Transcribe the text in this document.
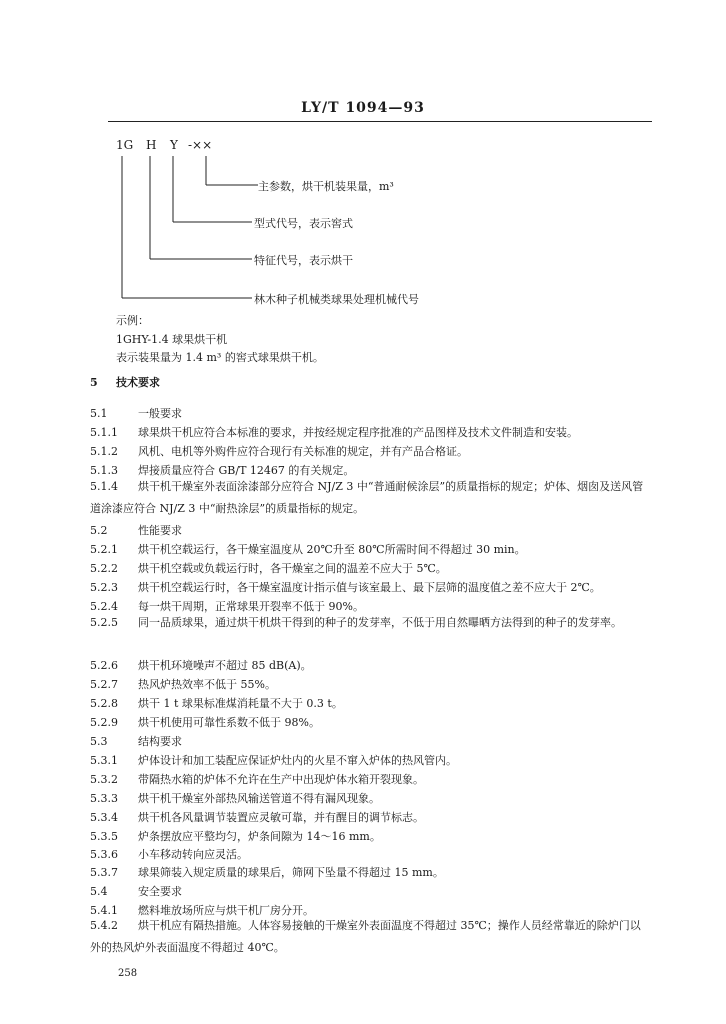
LY/T 1094—93
1G H Y -××
主参数，烘干机装果量，m³
型式代号，表示窖式
特征代号，表示烘干
林木种子机械类球果处理机械代号
示例：
1GHY-1.4 球果烘干机
表示装果量为 1.4 m³ 的窖式球果烘干机。
5 技术要求
5.1	一般要求
5.1.1 球果烘干机应符合本标准的要求，并按经规定程序批准的产品图样及技术文件制造和安装。
5.1.2 风机、电机等外购件应符合现行有关标准的规定，并有产品合格证。
5.1.3 焊接质量应符合 GB/T 12467 的有关规定。
5.1.4 烘干机干燥室外表面涂漆部分应符合 NJ/Z 3 中“普通耐候涂层”的质量指标的规定；炉体、烟囱及送风管道涂漆应符合 NJ/Z 3 中“耐热涂层”的质量指标的规定。
5.2	性能要求
5.2.1 烘干机空载运行，各干燥室温度从 20℃升至 80℃所需时间不得超过 30 min。
5.2.2 烘干机空载或负载运行时，各干燥室之间的温差不应大于 5℃。
5.2.3 烘干机空载运行时，各干燥室温度计指示值与该室最上、最下层筛的温度值之差不应大于 2℃。
5.2.4 每一烘干周期，正常球果开裂率不低于 90%。
5.2.5 同一品质球果，通过烘干机烘干得到的种子的发芽率，不低于用自然曝晒方法得到的种子的发芽率。
5.2.6 烘干机环境噪声不超过 85 dB(A)。
5.2.7 热风炉热效率不低于 55%。
5.2.8 烘干 1 t 球果标准煤消耗量不大于 0.3 t。
5.2.9 烘干机使用可靠性系数不低于 98%。
5.3	结构要求
5.3.1 炉体设计和加工装配应保证炉灶内的火星不窜入炉体的热风管内。
5.3.2 带隔热水箱的炉体不允许在生产中出现炉体水箱开裂现象。
5.3.3 烘干机干燥室外部热风输送管道不得有漏风现象。
5.3.4 烘干机各风量调节装置应灵敏可靠，并有醒目的调节标志。
5.3.5 炉条摆放应平整均匀，炉条间隙为 14～16 mm。
5.3.6 小车移动转向应灵活。
5.3.7 球果筛装入规定质量的球果后，筛网下坠量不得超过 15 mm。
5.4	安全要求
5.4.1 燃料堆放场所应与烘干机厂房分开。
5.4.2 烘干机应有隔热措施。人体容易接触的干燥室外表面温度不得超过 35℃；操作人员经常靠近的除炉门以外的热风炉外表面温度不得超过 40℃。
258
